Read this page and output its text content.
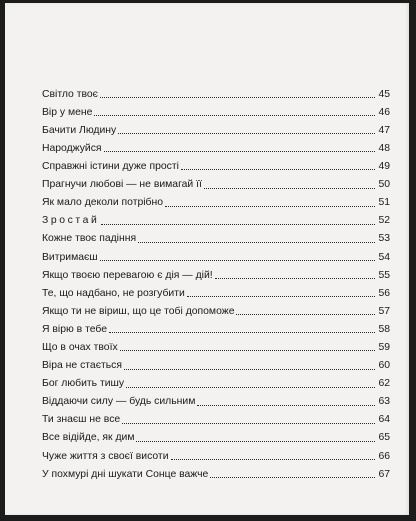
Світло твоє	45
Вір у мене	46
Бачити Людину	47
Народжуйся	48
Справжні істини дуже прості	49
Прагнучи любові — не вимагай її	50
Як мало деколи потрібно	51
Зростай	52
Кожне твоє падіння	53
Витримаєш	54
Якщо твоєю перевагою є дія — дій!	55
Те, що надбано, не розгубити	56
Якщо ти не віриш, що це тобі допоможе	57
Я вірю в тебе	58
Що в очах твоїх	59
Віра не стається	60
Бог любить тишу	62
Віддаючи силу — будь сильним	63
Ти знаєш не все	64
Все відійде, як дим	65
Чуже життя з своєї висоти	66
У похмурі дні шукати Сонце важче	67
